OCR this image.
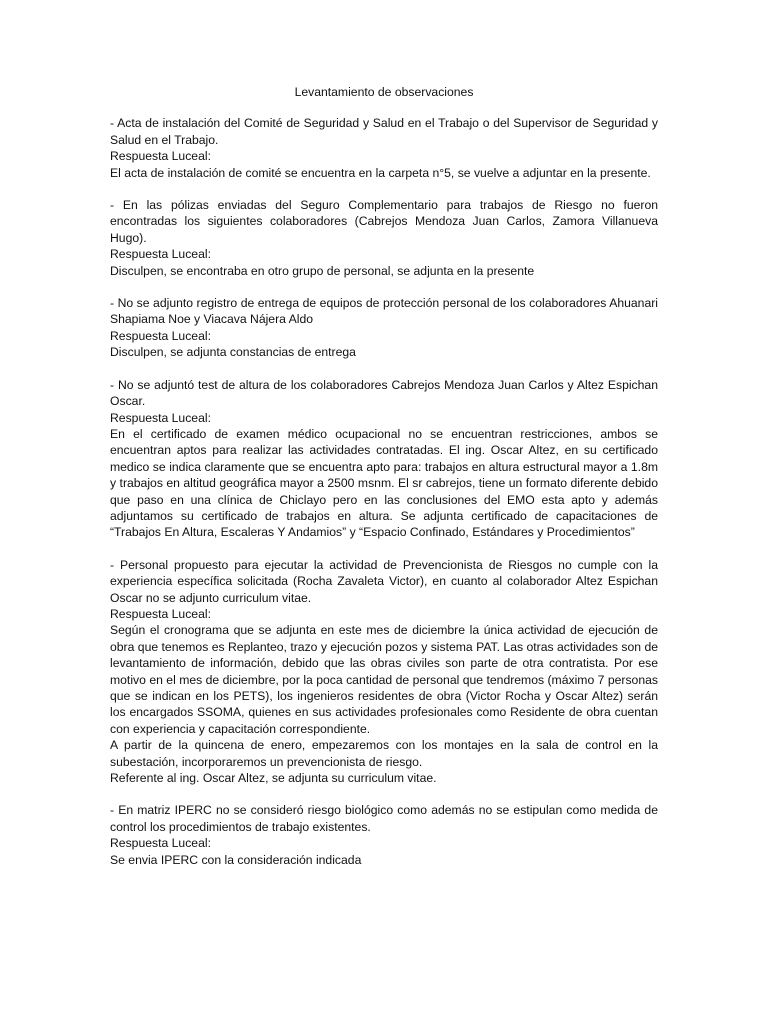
Levantamiento de observaciones

- Acta de instalación del Comité de Seguridad y Salud en el Trabajo o del Supervisor de Seguridad y Salud en el Trabajo.

Respuesta Luceal:

El acta de instalación de comité se encuentra en la carpeta n°5, se vuelve a adjuntar en la presente.

- En las pólizas enviadas del Seguro Complementario para trabajos de Riesgo no fueron encontradas los siguientes colaboradores (Cabrejos Mendoza Juan Carlos, Zamora Villanueva Hugo).

Respuesta Luceal:

Disculpen, se encontraba en otro grupo de personal, se adjunta en la presente

- No se adjunto registro de entrega de equipos de protección personal de los colaboradores Ahuanari Shapiama Noe y Viacava Nájera Aldo

Respuesta Luceal:

Disculpen, se adjunta constancias de entrega

- No se adjuntó test de altura de los colaboradores Cabrejos Mendoza Juan Carlos y Altez Espichan Oscar.

Respuesta Luceal:

En el certificado de examen médico ocupacional no se encuentran restricciones, ambos se encuentran aptos para realizar las actividades contratadas. El ing. Oscar Altez, en su certificado medico se indica claramente que se encuentra apto para: trabajos en altura estructural mayor a 1.8m y trabajos en altitud geográfica mayor a 2500 msnm. El sr cabrejos, tiene un formato diferente debido que paso en una clínica de Chiclayo pero en las conclusiones del EMO esta apto y además adjuntamos su certificado de trabajos en altura. Se adjunta certificado de capacitaciones de “Trabajos En Altura, Escaleras Y Andamios” y “Espacio Confinado, Estándares y Procedimientos”

- Personal propuesto para ejecutar la actividad de Prevencionista de Riesgos no cumple con la experiencia específica solicitada (Rocha Zavaleta Victor), en cuanto al colaborador Altez Espichan Oscar no se adjunto curriculum vitae.

Respuesta Luceal:

Según el cronograma que se adjunta en este mes de diciembre la única actividad de ejecución de obra que tenemos es Replanteo, trazo y ejecución pozos y sistema PAT. Las otras actividades son de levantamiento de información, debido que las obras civiles son parte de otra contratista. Por ese motivo en el mes de diciembre, por la poca cantidad de personal que tendremos (máximo 7 personas que se indican en los PETS), los ingenieros residentes de obra (Victor Rocha y Oscar Altez) serán los encargados SSOMA, quienes en sus actividades profesionales como Residente de obra cuentan con experiencia y capacitación correspondiente.

A partir de la quincena de enero, empezaremos con los montajes en la sala de control en la subestación, incorporaremos un prevencionista de riesgo.

Referente al ing. Oscar Altez, se adjunta su curriculum vitae.

- En matriz IPERC no se consideró riesgo biológico como además no se estipulan como medida de control los procedimientos de trabajo existentes.

Respuesta Luceal:

Se envia IPERC con la consideración indicada
